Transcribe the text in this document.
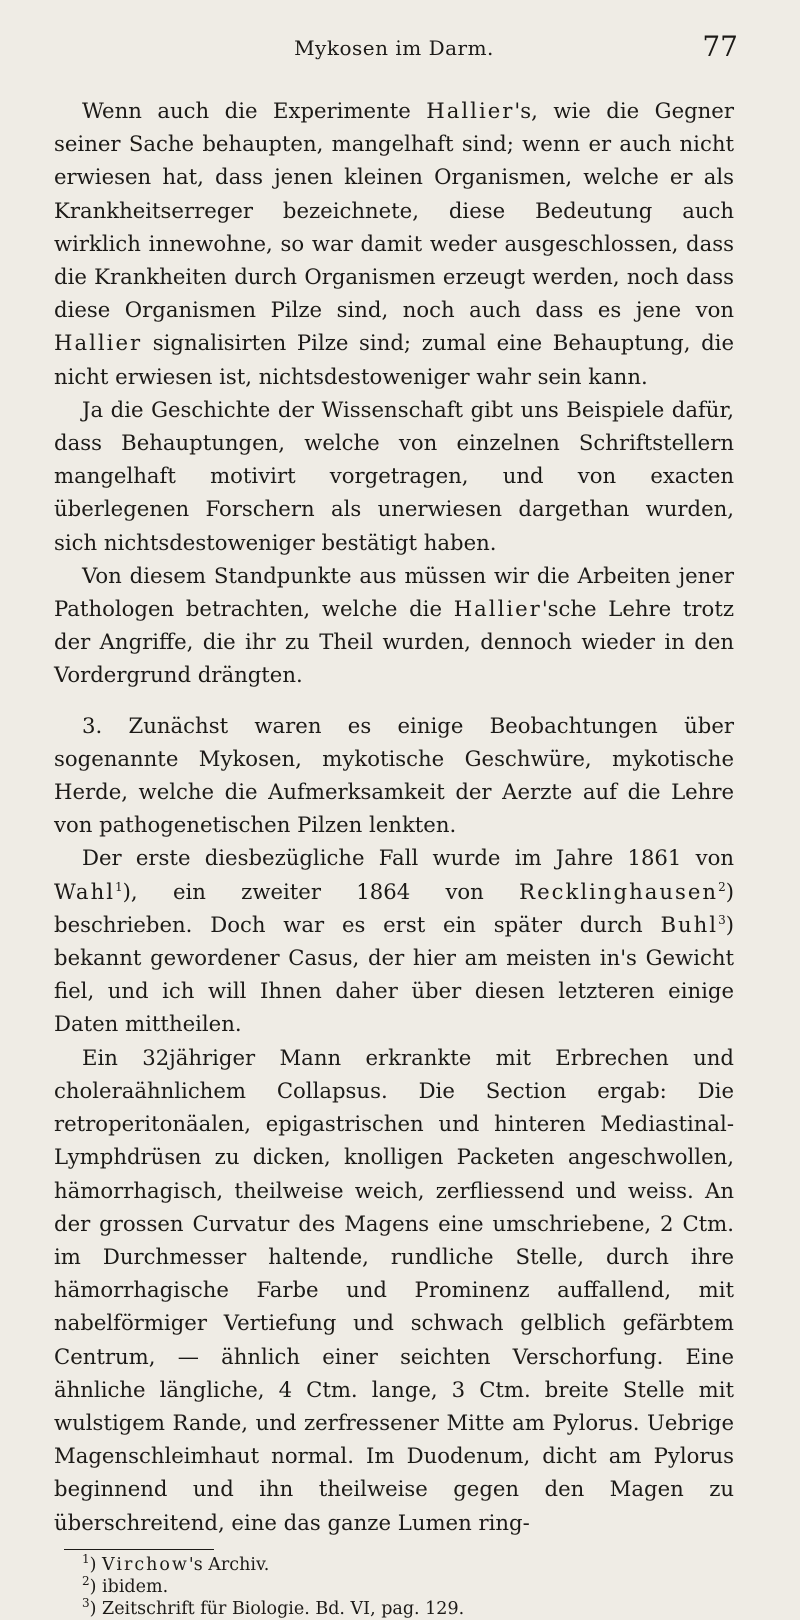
Mykosen im Darm.	77

Wenn auch die Experimente Hallier's, wie die Gegner seiner Sache behaupten, mangelhaft sind; wenn er auch nicht erwiesen hat, dass jenen kleinen Organismen, welche er als Krankheitserreger bezeichnete, diese Bedeutung auch wirklich innewohne, so war damit weder ausgeschlossen, dass die Krankheiten durch Organismen erzeugt werden, noch dass diese Organismen Pilze sind, noch auch dass es jene von Hallier signalisirten Pilze sind; zumal eine Behauptung, die nicht erwiesen ist, nichtsdestoweniger wahr sein kann.

Ja die Geschichte der Wissenschaft gibt uns Beispiele dafür, dass Behauptungen, welche von einzelnen Schriftstellern mangelhaft motivirt vorgetragen, und von exacten überlegenen Forschern als unerwiesen dargethan wurden, sich nichtsdestoweniger bestätigt haben.

Von diesem Standpunkte aus müssen wir die Arbeiten jener Pathologen betrachten, welche die Hallier'sche Lehre trotz der Angriffe, die ihr zu Theil wurden, dennoch wieder in den Vordergrund drängten.

3. Zunächst waren es einige Beobachtungen über sogenannte Mykosen, mykotische Geschwüre, mykotische Herde, welche die Aufmerksamkeit der Aerzte auf die Lehre von pathogenetischen Pilzen lenkten.

Der erste diesbezügliche Fall wurde im Jahre 1861 von Wahl$^1$), ein zweiter 1864 von Recklinghausen$^2$) beschrieben. Doch war es erst ein später durch Buhl$^3$) bekannt gewordener Casus, der hier am meisten in's Gewicht fiel, und ich will Ihnen daher über diesen letzteren einige Daten mittheilen.

Ein 32jähriger Mann erkrankte mit Erbrechen und choleraähnlichem Collapsus. Die Section ergab: Die retroperitonäalen, epigastrischen und hinteren Mediastinal-Lymphdrüsen zu dicken, knolligen Packeten angeschwollen, hämorrhagisch, theilweise weich, zerfliessend und weiss. An der grossen Curvatur des Magens eine umschriebene, 2 Ctm. im Durchmesser haltende, rundliche Stelle, durch ihre hämorrhagische Farbe und Prominenz auffallend, mit nabelförmiger Vertiefung und schwach gelblich gefärbtem Centrum, — ähnlich einer seichten Verschorfung. Eine ähnliche längliche, 4 Ctm. lange, 3 Ctm. breite Stelle mit wulstigem Rande, und zerfressener Mitte am Pylorus. Uebrige Magenschleimhaut normal. Im Duodenum, dicht am Pylorus beginnend und ihn theilweise gegen den Magen zu überschreitend, eine das ganze Lumen ring-

$^1$) Virchow's Archiv.
$^2$) ibidem.
$^3$) Zeitschrift für Biologie. Bd. VI, pag. 129.
